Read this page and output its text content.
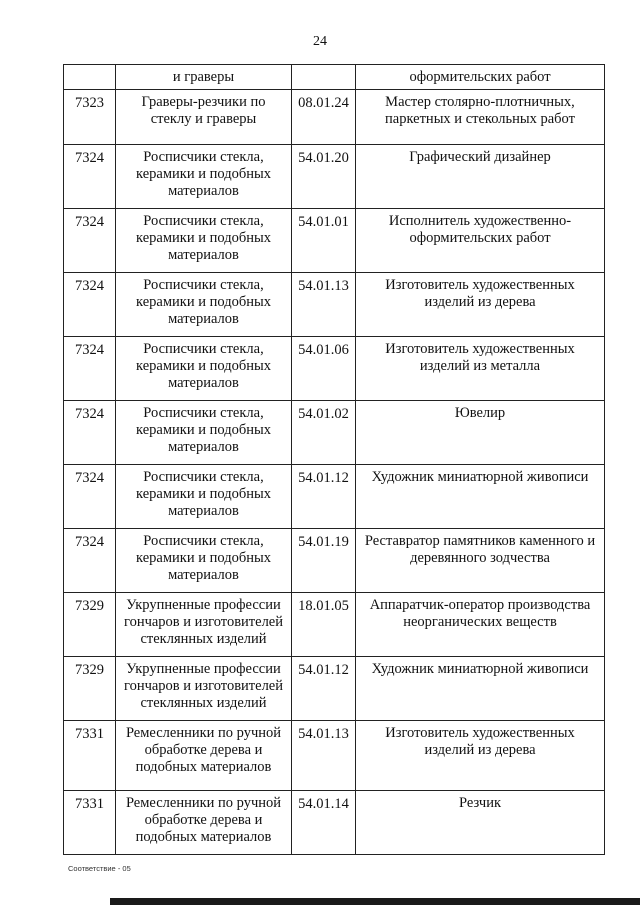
24
	и граверы		оформительских работ
7323	Граверы-резчики по стеклу и граверы	08.01.24	Мастер столярно-плотничных, паркетных и стекольных работ
7324	Росписчики стекла, керамики и подобных материалов	54.01.20	Графический дизайнер
7324	Росписчики стекла, керамики и подобных материалов	54.01.01	Исполнитель художественно-оформительских работ
7324	Росписчики стекла, керамики и подобных материалов	54.01.13	Изготовитель художественных изделий из дерева
7324	Росписчики стекла, керамики и подобных материалов	54.01.06	Изготовитель художественных изделий из металла
7324	Росписчики стекла, керамики и подобных материалов	54.01.02	Ювелир
7324	Росписчики стекла, керамики и подобных материалов	54.01.12	Художник миниатюрной живописи
7324	Росписчики стекла, керамики и подобных материалов	54.01.19	Реставратор памятников каменного и деревянного зодчества
7329	Укрупненные профессии гончаров и изготовителей стеклянных изделий	18.01.05	Аппаратчик-оператор производства неорганических веществ
7329	Укрупненные профессии гончаров и изготовителей стеклянных изделий	54.01.12	Художник миниатюрной живописи
7331	Ремесленники по ручной обработке дерева и подобных материалов	54.01.13	Изготовитель художественных изделий из дерева
7331	Ремесленники по ручной обработке дерева и подобных материалов	54.01.14	Резчик
Соответствие - 05
